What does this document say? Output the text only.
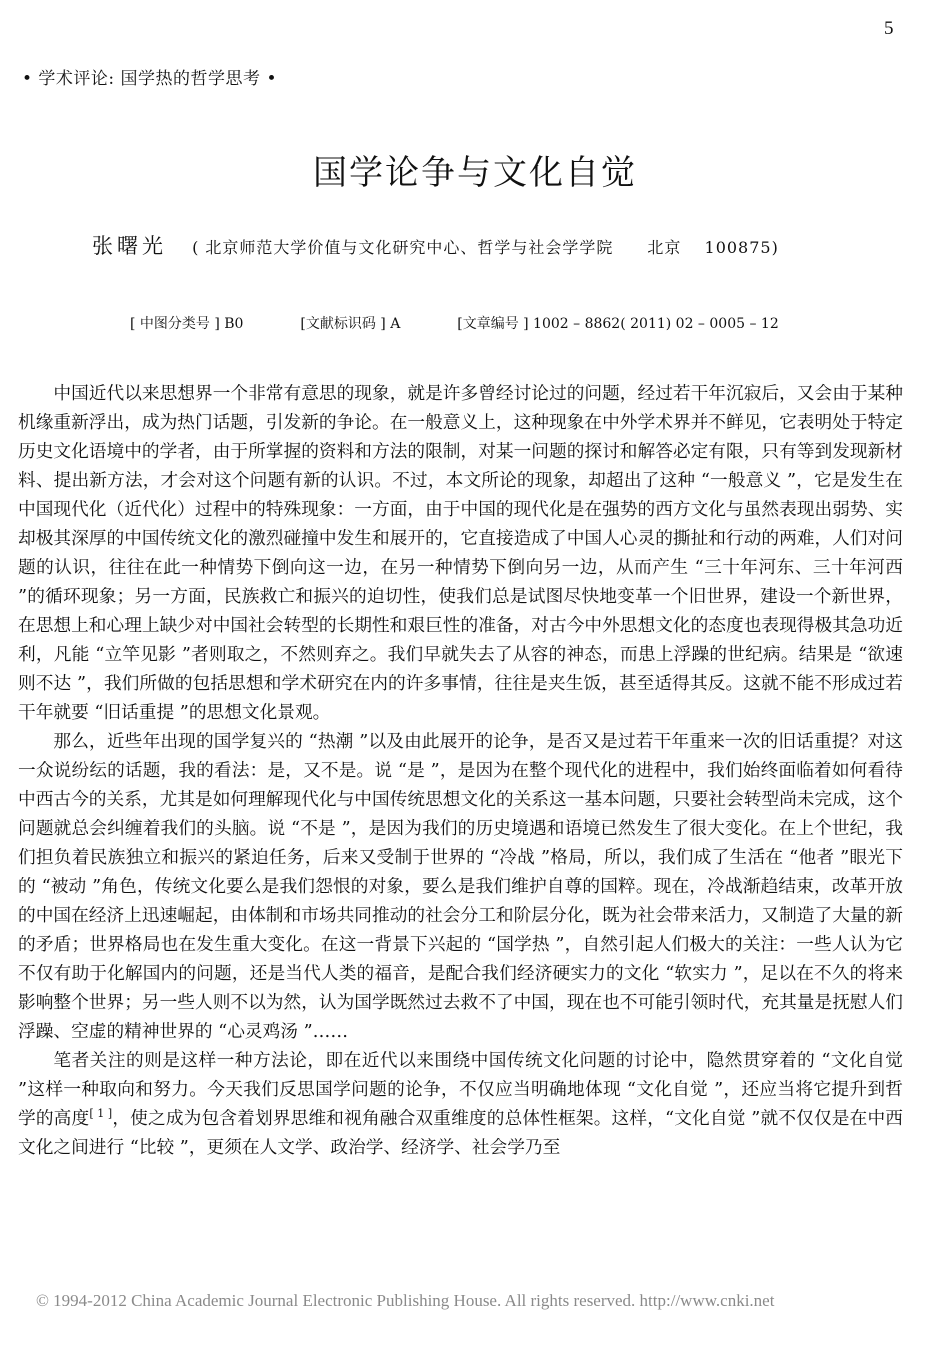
5
• 学术评论: 国学热的哲学思考 •
国学论争与文化自觉
张曙光 ( 北京师范大学价值与文化研究中心、哲学与社会学学院　　北京　 100875)
[ 中图分类号 ] B0	[文献标识码 ] A	[文章编号 ] 1002 – 8862( 2011) 02 – 0005 – 12

中国近代以来思想界一个非常有意思的现象，就是许多曾经讨论过的问题，经过若干年沉寂后，又会由于某种机缘重新浮出，成为热门话题，引发新的争论。在一般意义上，这种现象在中外学术界并不鲜见，它表明处于特定历史文化语境中的学者，由于所掌握的资料和方法的限制，对某一问题的探讨和解答必定有限，只有等到发现新材料、提出新方法，才会对这个问题有新的认识。不过，本文所论的现象，却超出了这种 “一般意义 ”，它是发生在中国现代化（近代化）过程中的特殊现象：一方面，由于中国的现代化是在强势的西方文化与虽然表现出弱势、实却极其深厚的中国传统文化的激烈碰撞中发生和展开的，它直接造成了中国人心灵的撕扯和行动的两难，人们对问题的认识，往往在此一种情势下倒向这一边，在另一种情势下倒向另一边，从而产生 “三十年河东、三十年河西 ”的循环现象；另一方面，民族救亡和振兴的迫切性，使我们总是试图尽快地变革一个旧世界，建设一个新世界，在思想上和心理上缺少对中国社会转型的长期性和艰巨性的准备，对古今中外思想文化的态度也表现得极其急功近利，凡能 “立竿见影 ”者则取之，不然则弃之。我们早就失去了从容的神态，而患上浮躁的世纪病。结果是 “欲速则不达 ”，我们所做的包括思想和学术研究在内的许多事情，往往是夹生饭，甚至适得其反。这就不能不形成过若干年就要 “旧话重提 ”的思想文化景观。

那么，近些年出现的国学复兴的 “热潮 ”以及由此展开的论争，是否又是过若干年重来一次的旧话重提？对这一众说纷纭的话题，我的看法：是，又不是。说 “是 ”，是因为在整个现代化的进程中，我们始终面临着如何看待中西古今的关系，尤其是如何理解现代化与中国传统思想文化的关系这一基本问题，只要社会转型尚未完成，这个问题就总会纠缠着我们的头脑。说 “不是 ”，是因为我们的历史境遇和语境已然发生了很大变化。在上个世纪，我们担负着民族独立和振兴的紧迫任务，后来又受制于世界的 “冷战 ”格局，所以，我们成了生活在 “他者 ”眼光下的 “被动 ”角色，传统文化要么是我们怨恨的对象，要么是我们维护自尊的国粹。现在，冷战渐趋结束，改革开放的中国在经济上迅速崛起，由体制和市场共同推动的社会分工和阶层分化，既为社会带来活力，又制造了大量的新的矛盾；世界格局也在发生重大变化。在这一背景下兴起的 “国学热 ”，自然引起人们极大的关注：一些人认为它不仅有助于化解国内的问题，还是当代人类的福音，是配合我们经济硬实力的文化 “软实力 ”，足以在不久的将来影响整个世界；另一些人则不以为然，认为国学既然过去救不了中国，现在也不可能引领时代，充其量是抚慰人们浮躁、空虚的精神世界的 “心灵鸡汤 ”……

笔者关注的则是这样一种方法论，即在近代以来围绕中国传统文化问题的讨论中，隐然贯穿着的 “文化自觉 ”这样一种取向和努力。今天我们反思国学问题的论争，不仅应当明确地体现 “文化自觉 ”，还应当将它提升到哲学的高度[ 1 ]，使之成为包含着划界思维和视角融合双重维度的总体性框架。这样，“文化自觉 ”就不仅仅是在中西文化之间进行 “比较 ”，更须在人文学、政治学、经济学、社会学乃至

© 1994-2012 China Academic Journal Electronic Publishing House. All rights reserved. http://www.cnki.net
